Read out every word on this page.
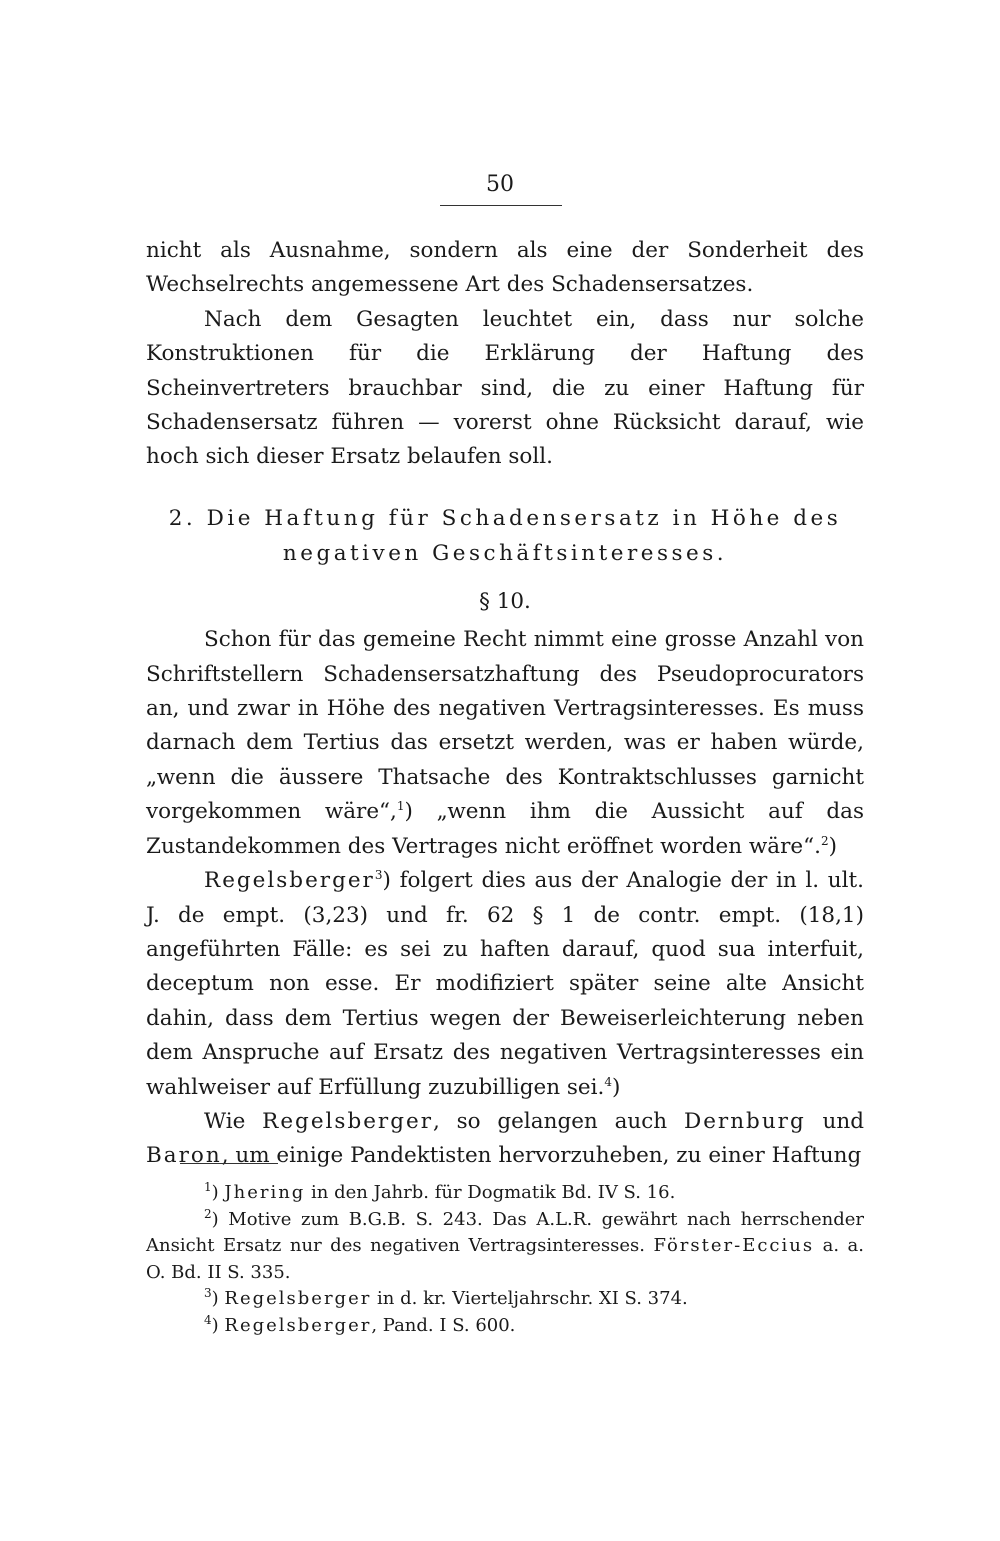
50

nicht als Ausnahme, sondern als eine der Sonderheit des Wechselrechts angemessene Art des Schadensersatzes.

Nach dem Gesagten leuchtet ein, dass nur solche Konstruktionen für die Erklärung der Haftung des Scheinvertreters brauchbar sind, die zu einer Haftung für Schadensersatz führen — vorerst ohne Rücksicht darauf, wie hoch sich dieser Ersatz belaufen soll.

2. Die Haftung für Schadensersatz in Höhe des
negativen Geschäftsinteresses.
§ 10.

Schon für das gemeine Recht nimmt eine grosse Anzahl von Schriftstellern Schadensersatzhaftung des Pseudoprocurators an, und zwar in Höhe des negativen Vertragsinteresses. Es muss darnach dem Tertius das ersetzt werden, was er haben würde, „wenn die äussere Thatsache des Kontraktschlusses garnicht vorgekommen wäre“,$^1$) „wenn ihm die Aussicht auf das Zustandekommen des Vertrages nicht eröffnet worden wäre“.$^2$)

Regelsberger$^3$) folgert dies aus der Analogie der in l. ult. J. de empt. (3,23) und fr. 62 § 1 de contr. empt. (18,1) angeführten Fälle: es sei zu haften darauf, quod sua interfuit, deceptum non esse. Er modifiziert später seine alte Ansicht dahin, dass dem Tertius wegen der Beweiserleichterung neben dem Anspruche auf Ersatz des negativen Vertragsinteresses ein wahlweiser auf Erfüllung zuzubilligen sei.$^4$)

Wie Regelsberger, so gelangen auch Dernburg und Baron, um einige Pandektisten hervorzuheben, zu einer Haftung

$^1$) Jhering in den Jahrb. für Dogmatik Bd. IV S. 16.

$^2$) Motive zum B.G.B. S. 243. Das A.L.R. gewährt nach herrschender Ansicht Ersatz nur des negativen Vertragsinteresses. Förster-Eccius a. a. O. Bd. II S. 335.

$^3$) Regelsberger in d. kr. Vierteljahrschr. XI S. 374.

$^4$) Regelsberger, Pand. I S. 600.
